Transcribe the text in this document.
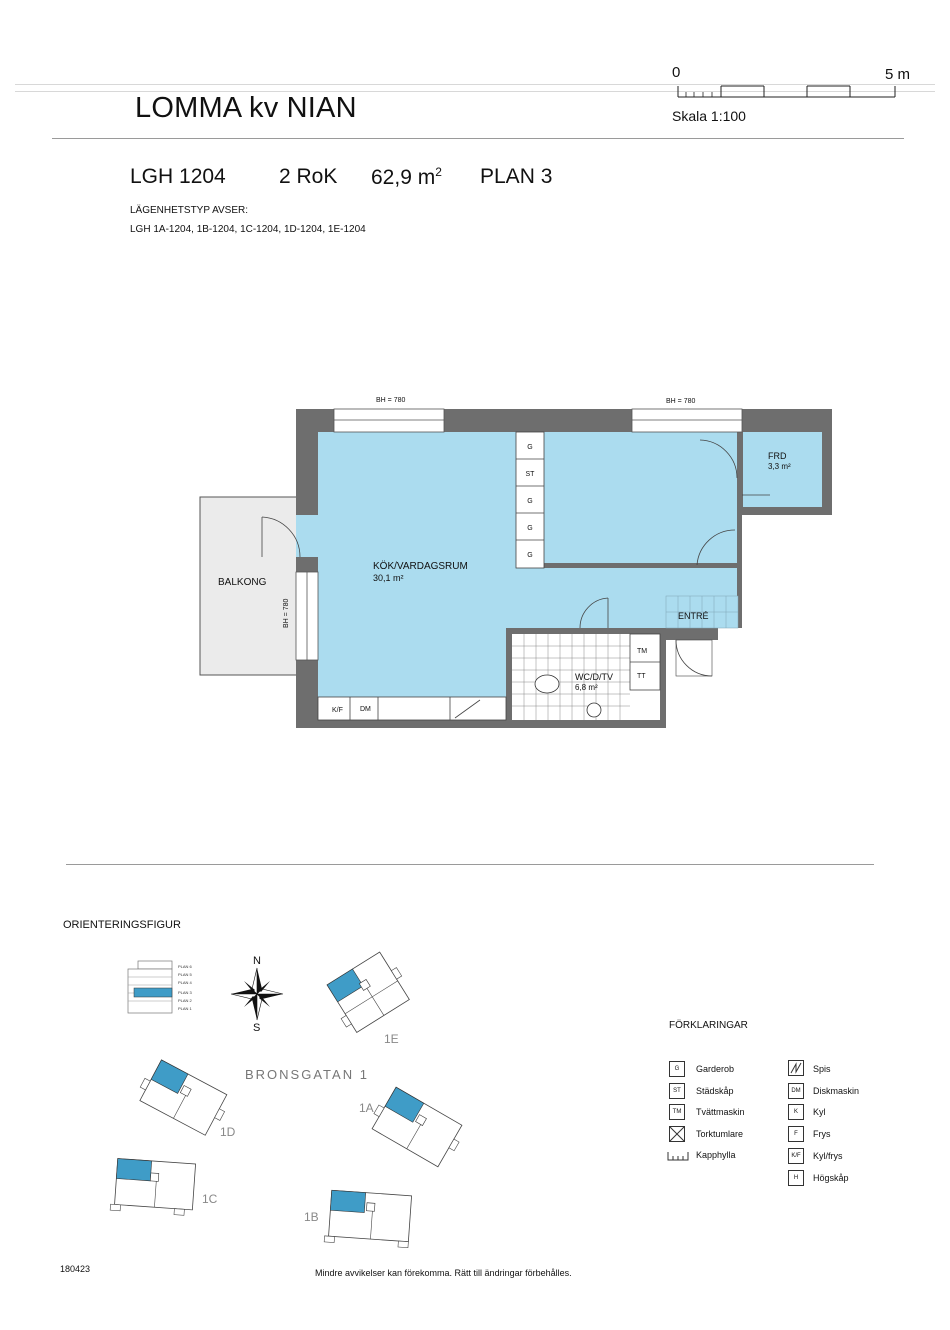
LOMMA kv NIAN
0	5 m
Skala 1:100
LGH 1204	2 RoK 62,9 $m^2$ PLAN 3
LÄGENHETSTYP AVSER:
LGH 1A-1204, 1B-1204, 1C-1204, 1D-1204, 1E-1204
G
ST
G
G
G
BH = 780	BH = 780
BH = 780
K/F DM
TM
TT
BALKONG
KÖK/VARDAGSRUM
30,1 m²
FRD
3,3 m²
ENTRÉ
WC/D/TV
6,8 m²
ORIENTERINGSFIGUR
PLAN 6
PLAN 5
PLAN 4
PLAN 3
PLAN 2
PLAN 1
N
S
1E
BRONSGATAN 1
1D
1A
1C
1B
FÖRKLARINGAR
G	Garderob
ST	Städskåp
TM	Tvättmaskin
Torktumlare
Kapphylla
Spis
DM	Diskmaskin
K	Kyl
F	Frys
K/F	Kyl/frys
H	Högskåp
180423	Mindre avvikelser kan förekomma. Rätt till ändringar förbehålles.
